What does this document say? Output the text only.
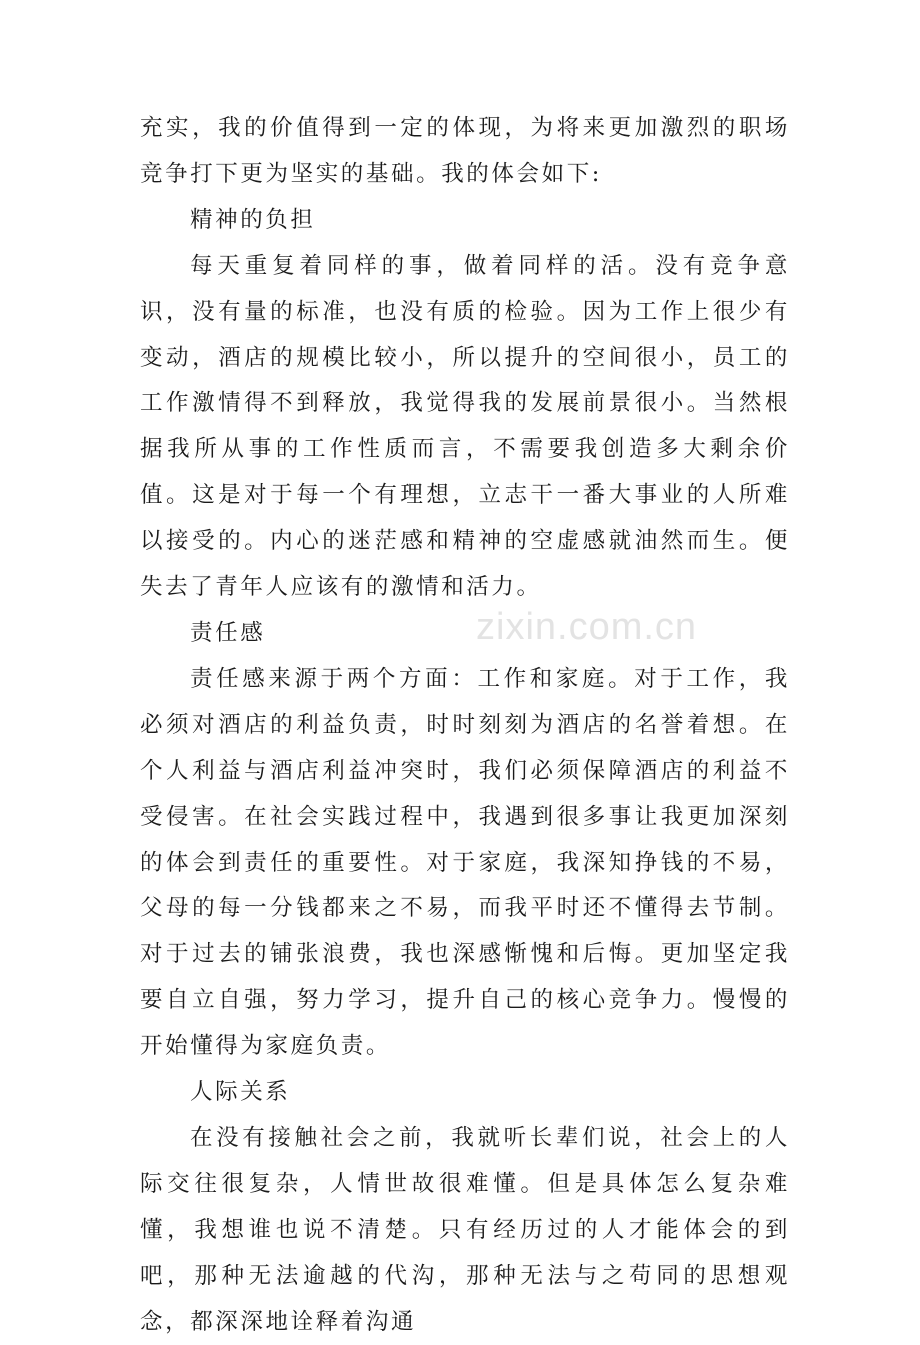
zixin.com.cn

充实，我的价值得到一定的体现，为将来更加激烈的职场竞争打下更为坚实的基础。我的体会如下:

精神的负担

每天重复着同样的事，做着同样的活。没有竞争意识，没有量的标准，也没有质的检验。因为工作上很少有变动，酒店的规模比较小，所以提升的空间很小，员工的工作激情得不到释放，我觉得我的发展前景很小。当然根据我所从事的工作性质而言，不需要我创造多大剩余价值。这是对于每一个有理想，立志干一番大事业的人所难以接受的。内心的迷茫感和精神的空虚感就油然而生。便失去了青年人应该有的激情和活力。

责任感

责任感来源于两个方面：工作和家庭。对于工作，我必须对酒店的利益负责，时时刻刻为酒店的名誉着想。在个人利益与酒店利益冲突时，我们必须保障酒店的利益不受侵害。在社会实践过程中，我遇到很多事让我更加深刻的体会到责任的重要性。对于家庭，我深知挣钱的不易，父母的每一分钱都来之不易，而我平时还不懂得去节制。对于过去的铺张浪费，我也深感惭愧和后悔。更加坚定我要自立自强，努力学习，提升自己的核心竞争力。慢慢的开始懂得为家庭负责。

人际关系

在没有接触社会之前，我就听长辈们说，社会上的人际交往很复杂，人情世故很难懂。但是具体怎么复杂难懂，我想谁也说不清楚。只有经历过的人才能体会的到吧，那种无法逾越的代沟，那种无法与之苟同的思想观念，都深深地诠释着沟通
